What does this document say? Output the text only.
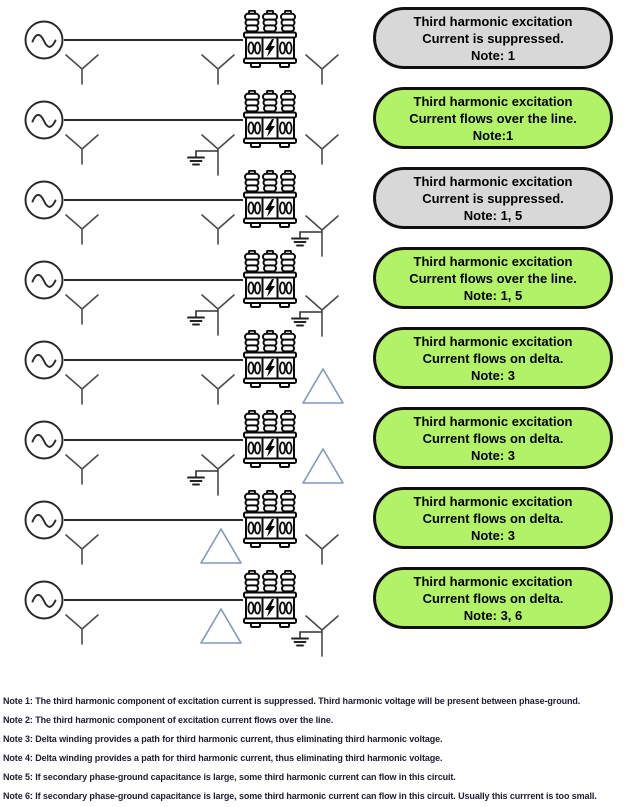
Third harmonic excitation
Current is suppressed.
Note: 1
Third harmonic excitation
Current flows over the line.
Note:1
Third harmonic excitation
Current is suppressed.
Note: 1, 5
Third harmonic excitation
Current flows over the line.
Note: 1, 5
Third harmonic excitation
Current flows on delta.
Note: 3
Third harmonic excitation
Current flows on delta.
Note: 3
Third harmonic excitation
Current flows on delta.
Note: 3
Third harmonic excitation
Current flows on delta.
Note: 3, 6

Note 1: The third harmonic component of excitation current is suppressed. Third harmonic voltage will be present between phase-ground.

Note 2: The third harmonic component of excitation current flows over the line.

Note 3: Delta winding provides a path for third harmonic current, thus eliminating third harmonic voltage.

Note 4: Delta winding provides a path for third harmonic current, thus eliminating third harmonic voltage.

Note 5: If secondary phase-ground capacitance is large, some third harmonic current can flow in this circuit.

Note 6: If secondary phase-ground capacitance is large, some third harmonic current can flow in this circuit. Usually this currrent is too small.
